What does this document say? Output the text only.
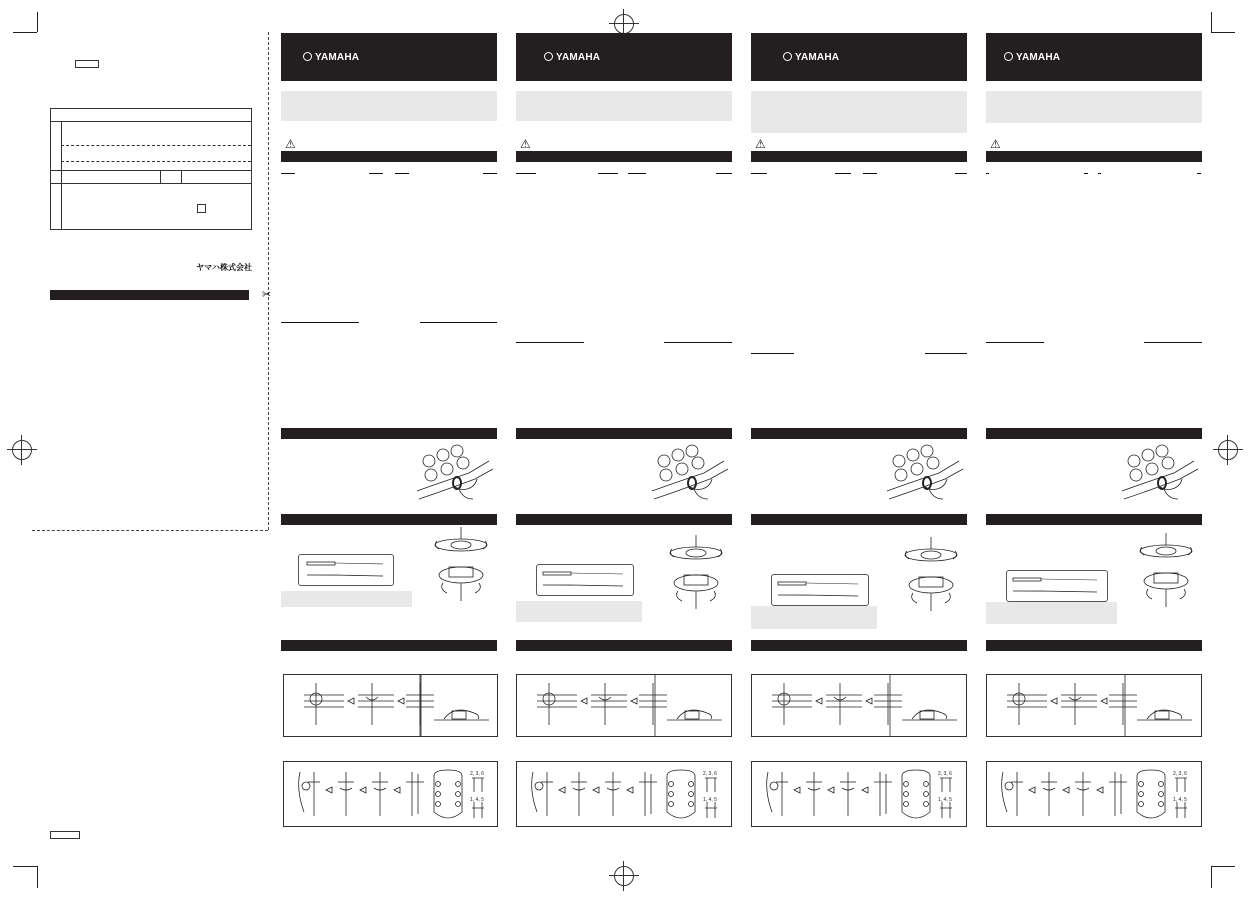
ヤマハ株式会社
✂
YAMAHA
⚠
2, 3, 6
1, 4, 5
YAMAHA
⚠
2, 3, 6
1, 4, 5
YAMAHA
⚠
2, 3, 6
1, 4, 5
YAMAHA
⚠
2, 3, 6
1, 4, 5
